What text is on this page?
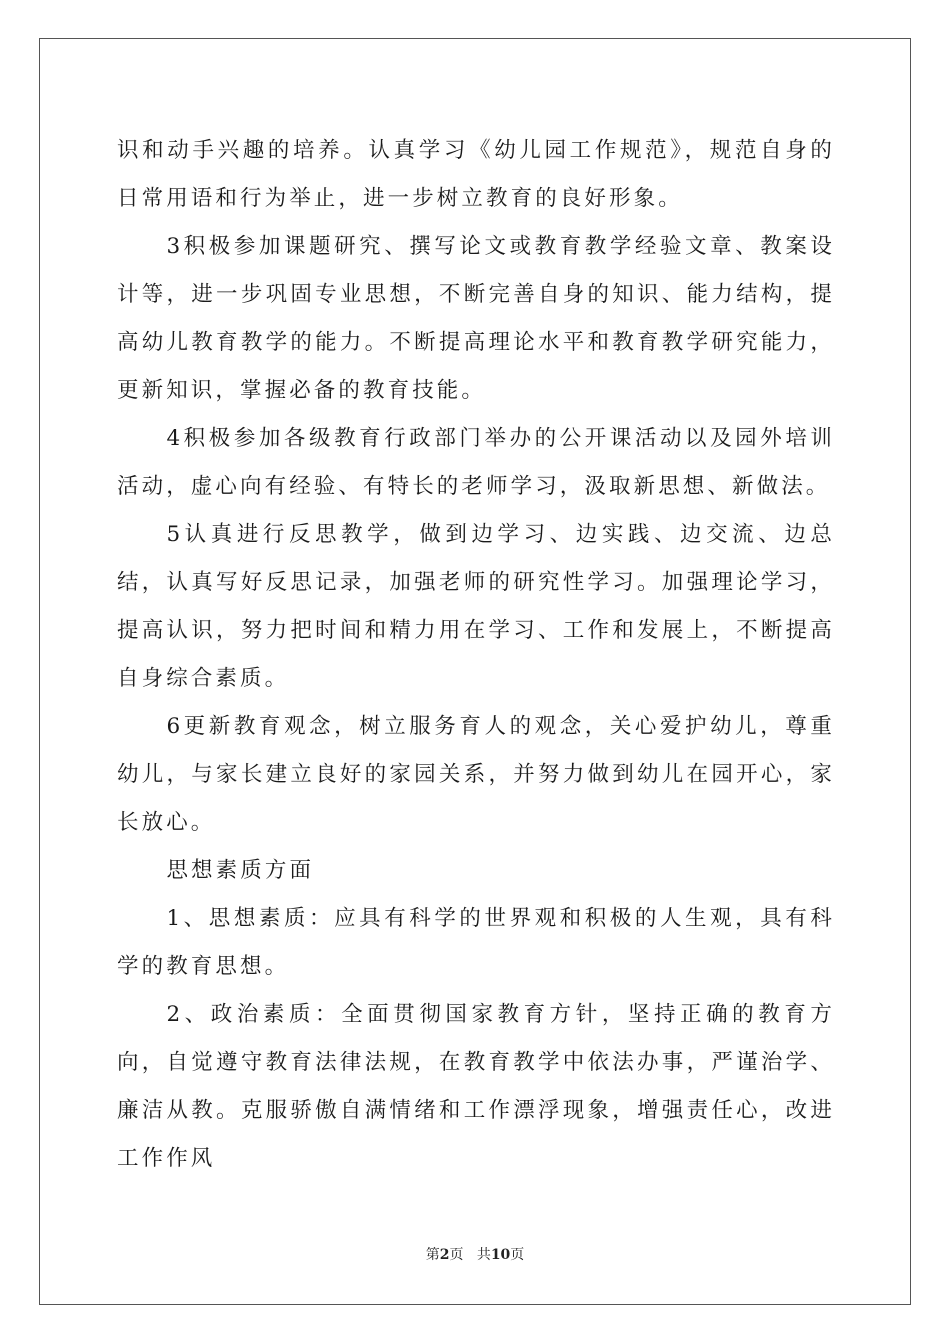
识和动手兴趣的培养。认真学习《幼儿园工作规范》，规范自身的日常用语和行为举止，进一步树立教育的良好形象。

3积极参加课题研究、撰写论文或教育教学经验文章、教案设计等，进一步巩固专业思想，不断完善自身的知识、能力结构，提高幼儿教育教学的能力。不断提高理论水平和教育教学研究能力，更新知识，掌握必备的教育技能。

4积极参加各级教育行政部门举办的公开课活动以及园外培训活动，虚心向有经验、有特长的老师学习，汲取新思想、新做法。

5认真进行反思教学，做到边学习、边实践、边交流、边总结，认真写好反思记录，加强老师的研究性学习。加强理论学习，提高认识，努力把时间和精力用在学习、工作和发展上，不断提高自身综合素质。

6更新教育观念，树立服务育人的观念，关心爱护幼儿，尊重幼儿，与家长建立良好的家园关系，并努力做到幼儿在园开心，家长放心。

思想素质方面

1、思想素质：应具有科学的世界观和积极的人生观，具有科学的教育思想。

2、政治素质：全面贯彻国家教育方针，坚持正确的教育方向，自觉遵守教育法律法规，在教育教学中依法办事，严谨治学、廉洁从教。克服骄傲自满情绪和工作漂浮现象，增强责任心，改进工作作风

第2页 共10页
